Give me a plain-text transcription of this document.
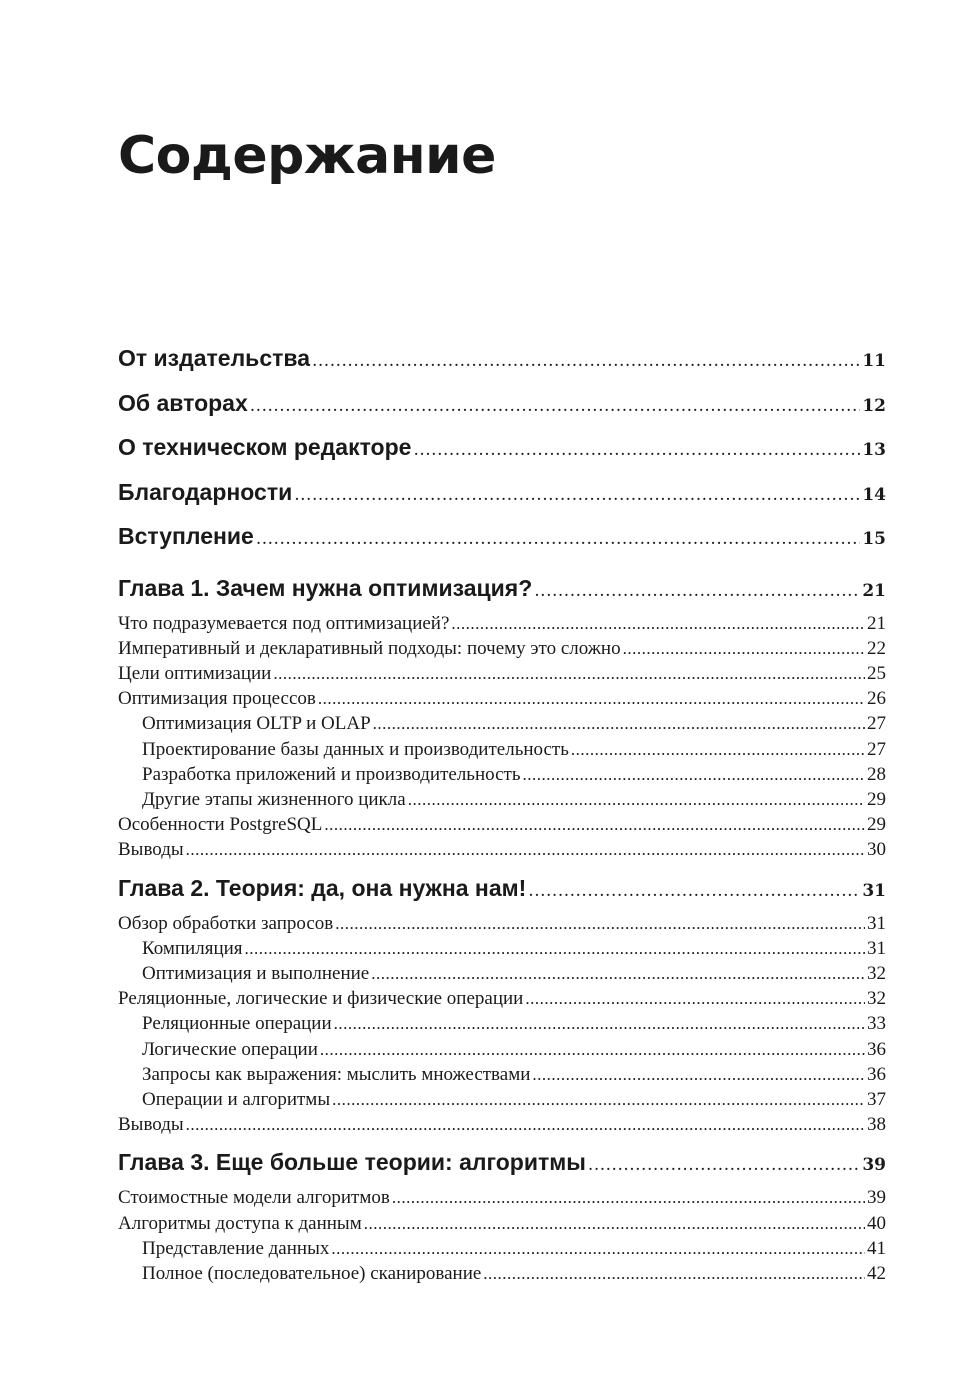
Содержание
От издательства .....	11
Об авторах .....	12
О техническом редакторе .....	13
Благодарности .....	14
Вступление .....	15
Глава 1. Зачем нужна оптимизация? .....	21
Что подразумевается под оптимизацией? .....	21
Императивный и декларативный подходы: почему это сложно .....	22
Цели оптимизации .....	25
Оптимизация процессов .....	26
Оптимизация OLTP и OLAP .....	27
Проектирование базы данных и производительность .....	27
Разработка приложений и производительность .....	28
Другие этапы жизненного цикла .....	29
Особенности PostgreSQL .....	29
Выводы .....	30
Глава 2. Теория: да, она нужна нам! .....	31
Обзор обработки запросов .....	31
Компиляция .....	31
Оптимизация и выполнение .....	32
Реляционные, логические и физические операции .....	32
Реляционные операции .....	33
Логические операции .....	36
Запросы как выражения: мыслить множествами .....	36
Операции и алгоритмы .....	37
Выводы .....	38
Глава 3. Еще больше теории: алгоритмы .....	39
Стоимостные модели алгоритмов .....	39
Алгоритмы доступа к данным .....	40
Представление данных .....	41
Полное (последовательное) сканирование .....	42
